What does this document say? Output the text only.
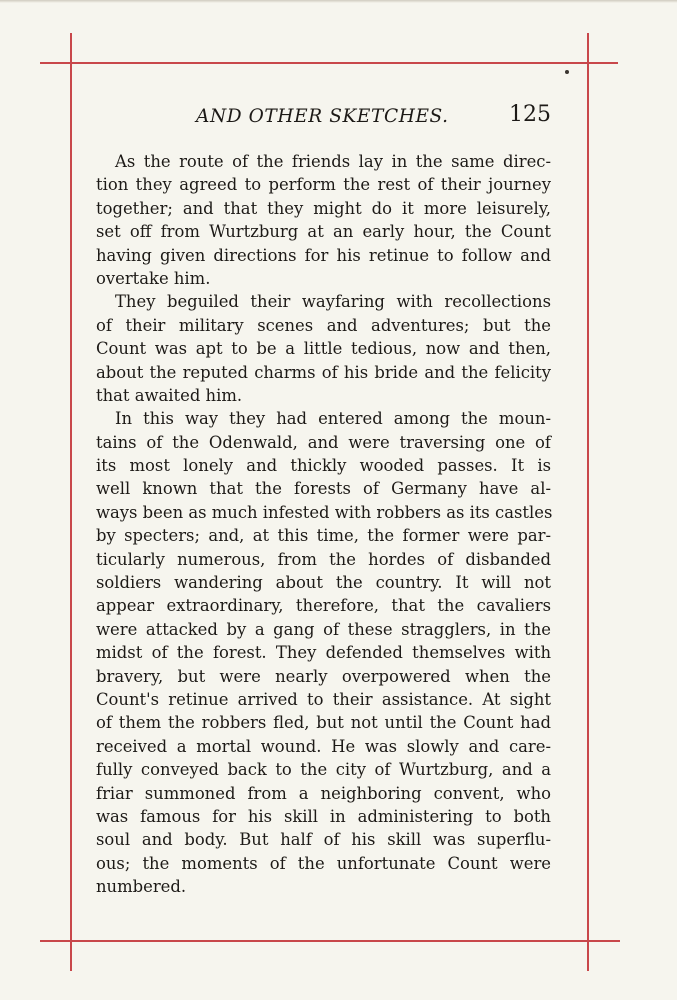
AND OTHER SKETCHES.	125
As the route of the friends lay in the same direc-
tion they agreed to perform the rest of their journey
together; and that they might do it more leisurely,
set off from Wurtzburg at an early hour, the Count
having given directions for his retinue to follow and
overtake him.
They beguiled their wayfaring with recollections
of their military scenes and adventures; but the
Count was apt to be a little tedious, now and then,
about the reputed charms of his bride and the felicity
that awaited him.
In this way they had entered among the moun-
tains of the Odenwald, and were traversing one of
its most lonely and thickly wooded passes. It is
well known that the forests of Germany have al-
ways been as much infested with robbers as its castles
by specters; and, at this time, the former were par-
ticularly numerous, from the hordes of disbanded
soldiers wandering about the country. It will not
appear extraordinary, therefore, that the cavaliers
were attacked by a gang of these stragglers, in the
midst of the forest. They defended themselves with
bravery, but were nearly overpowered when the
Count's retinue arrived to their assistance. At sight
of them the robbers fled, but not until the Count had
received a mortal wound. He was slowly and care-
fully conveyed back to the city of Wurtzburg, and a
friar summoned from a neighboring convent, who
was famous for his skill in administering to both
soul and body. But half of his skill was superflu-
ous; the moments of the unfortunate Count were
numbered.
